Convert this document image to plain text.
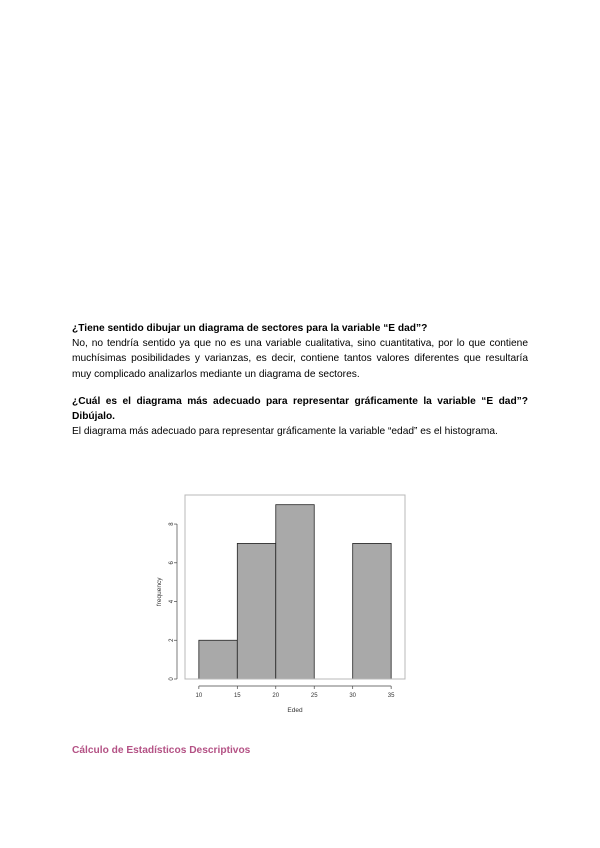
¿Tiene sentido dibujar un diagrama de sectores para la variable “E dad”?
No, no tendría sentido ya que no es una variable cualitativa, sino cuantitativa, por lo que contiene muchísimas posibilidades y varianzas, es decir, contiene tantos valores diferentes que resultaría muy complicado analizarlos mediante un diagrama de sectores.
¿Cuál es el diagrama más adecuado para representar gráficamente la variable “E dad”? Dibújalo.
El diagrama más adecuado para representar gráficamente la variable “edad” es el histograma.
10	15	20	25	30	35
0
2
4
6
8
Eded
frequency
Cálculo de Estadísticos Descriptivos
